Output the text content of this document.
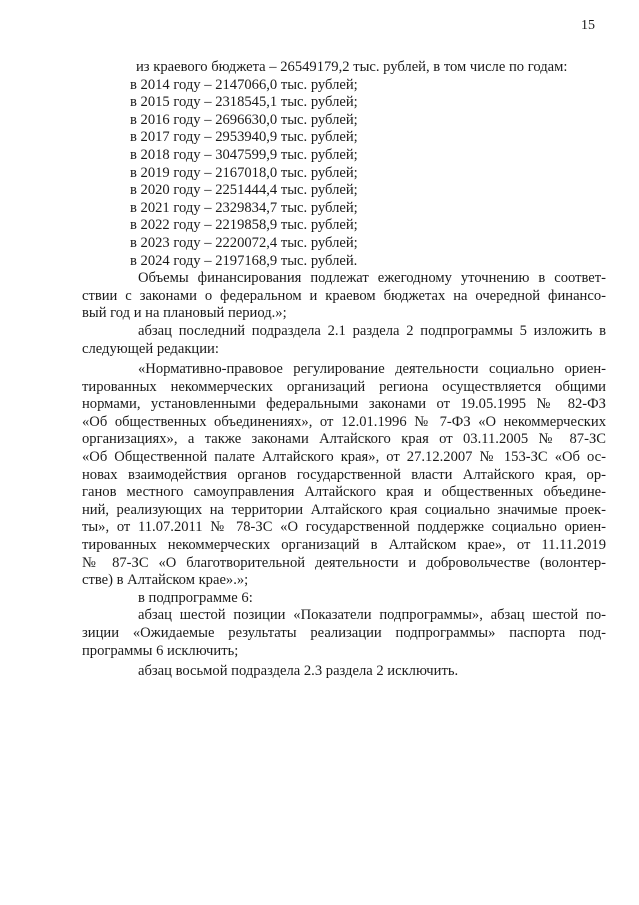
15

из краевого бюджета – 26549179,2 тыс. рублей, в том числе по годам:

в 2014 году – 2147066,0 тыс. рублей;

в 2015 году – 2318545,1 тыс. рублей;

в 2016 году – 2696630,0 тыс. рублей;

в 2017 году – 2953940,9 тыс. рублей;

в 2018 году – 3047599,9 тыс. рублей;

в 2019 году – 2167018,0 тыс. рублей;

в 2020 году – 2251444,4 тыс. рублей;

в 2021 году – 2329834,7 тыс. рублей;

в 2022 году – 2219858,9 тыс. рублей;

в 2023 году – 2220072,4 тыс. рублей;

в 2024 году – 2197168,9 тыс. рублей.

Объемы финансирования подлежат ежегодному уточнению в соответ-

ствии с законами о федеральном и краевом бюджетах на очередной финансо-

вый год и на плановый период.»;

абзац последний подраздела 2.1 раздела 2 подпрограммы 5 изложить в

следующей редакции:

«Нормативно-правовое регулирование деятельности социально ориен-

тированных некоммерческих организаций региона осуществляется общими

нормами, установленными федеральными законами от 19.05.1995 № 82-ФЗ

«Об общественных объединениях», от 12.01.1996 № 7-ФЗ «О некоммерческих

организациях», а также законами Алтайского края от 03.11.2005 № 87-ЗС

«Об Общественной палате Алтайского края», от 27.12.2007 № 153-ЗС «Об ос-

новах взаимодействия органов государственной власти Алтайского края, ор-

ганов местного самоуправления Алтайского края и общественных объедине-

ний, реализующих на территории Алтайского края социально значимые проек-

ты», от 11.07.2011 № 78-ЗС «О государственной поддержке социально ориен-

тированных некоммерческих организаций в Алтайском крае», от 11.11.2019

№ 87-ЗС «О благотворительной деятельности и добровольчестве (волонтер-

стве) в Алтайском крае».»;

в подпрограмме 6:

абзац шестой позиции «Показатели подпрограммы», абзац шестой по-

зиции «Ожидаемые результаты реализации подпрограммы» паспорта под-

программы 6 исключить;

абзац восьмой подраздела 2.3 раздела 2 исключить.
